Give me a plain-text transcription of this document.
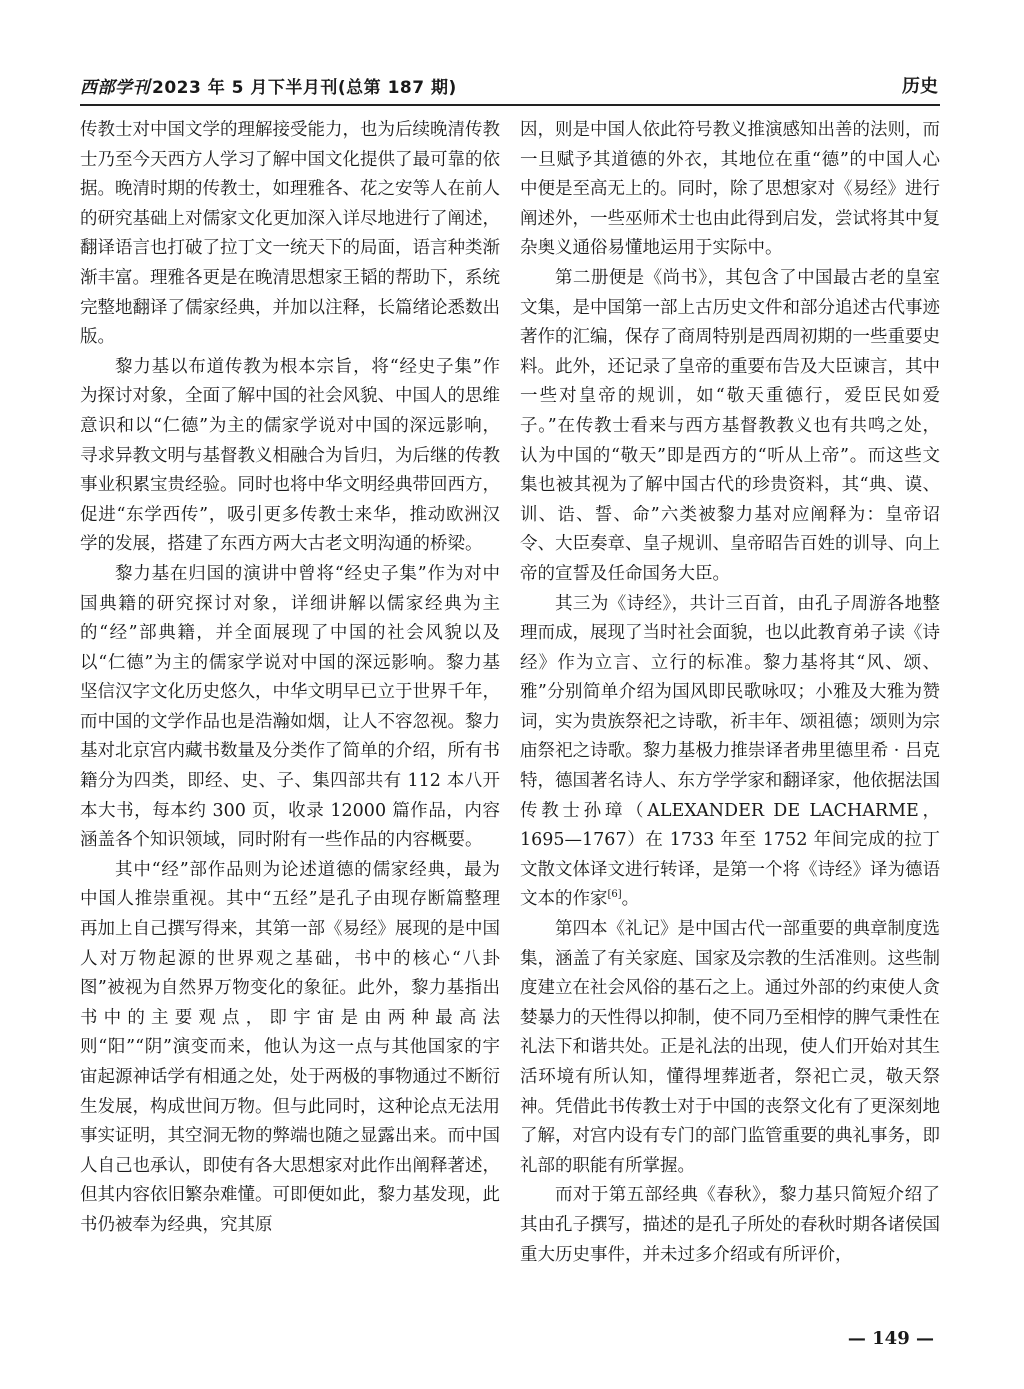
西部学刊 2023 年 5 月下半月刊(总第 187 期)	历史

传教士对中国文学的理解接受能力，也为后续晚清传教士乃至今天西方人学习了解中国文化提供了最可靠的依据。晚清时期的传教士，如理雅各、花之安等人在前人的研究基础上对儒家文化更加深入详尽地进行了阐述，翻译语言也打破了拉丁文一统天下的局面，语言种类渐渐丰富。理雅各更是在晚清思想家王韬的帮助下，系统完整地翻译了儒家经典，并加以注释，长篇绪论悉数出版。

黎力基以布道传教为根本宗旨，将“经史子集”作为探讨对象，全面了解中国的社会风貌、中国人的思维意识和以“仁德”为主的儒家学说对中国的深远影响，寻求异教文明与基督教义相融合为旨归，为后继的传教事业积累宝贵经验。同时也将中华文明经典带回西方，促进“东学西传”，吸引更多传教士来华，推动欧洲汉学的发展，搭建了东西方两大古老文明沟通的桥梁。

黎力基在归国的演讲中曾将“经史子集”作为对中国典籍的研究探讨对象，详细讲解以儒家经典为主的“经”部典籍，并全面展现了中国的社会风貌以及以“仁德”为主的儒家学说对中国的深远影响。黎力基坚信汉字文化历史悠久，中华文明早已立于世界千年，而中国的文学作品也是浩瀚如烟，让人不容忽视。黎力基对北京宫内藏书数量及分类作了简单的介绍，所有书籍分为四类，即经、史、子、集四部共有 112 本八开本大书，每本约 300 页，收录 12000 篇作品，内容涵盖各个知识领域，同时附有一些作品的内容概要。

其中“经”部作品则为论述道德的儒家经典，最为中国人推崇重视。其中“五经”是孔子由现存断篇整理再加上自己撰写得来，其第一部《易经》展现的是中国人对万物起源的世界观之基础，书中的核心“八卦图”被视为自然界万物变化的象征。此外，黎力基指出书中的主要观点，即宇宙是由两种最高法则“阳”“阴”演变而来，他认为这一点与其他国家的宇宙起源神话学有相通之处，处于两极的事物通过不断衍生发展，构成世间万物。但与此同时，这种论点无法用事实证明，其空洞无物的弊端也随之显露出来。而中国人自己也承认，即使有各大思想家对此作出阐释著述，但其内容依旧繁杂难懂。可即便如此，黎力基发现，此书仍被奉为经典，究其原

因，则是中国人依此符号教义推演感知出善的法则，而一旦赋予其道德的外衣，其地位在重“德”的中国人心中便是至高无上的。同时，除了思想家对《易经》进行阐述外，一些巫师术士也由此得到启发，尝试将其中复杂奥义通俗易懂地运用于实际中。

第二册便是《尚书》，其包含了中国最古老的皇室文集，是中国第一部上古历史文件和部分追述古代事迹著作的汇编，保存了商周特别是西周初期的一些重要史料。此外，还记录了皇帝的重要布告及大臣谏言，其中一些对皇帝的规训，如“敬天重德行，爱臣民如爱子。”在传教士看来与西方基督教教义也有共鸣之处，认为中国的“敬天”即是西方的“听从上帝”。而这些文集也被其视为了解中国古代的珍贵资料，其“典、谟、训、诰、誓、命”六类被黎力基对应阐释为：皇帝诏令、大臣奏章、皇子规训、皇帝昭告百姓的训导、向上帝的宣誓及任命国务大臣。

其三为《诗经》，共计三百首，由孔子周游各地整理而成，展现了当时社会面貌，也以此教育弟子读《诗经》作为立言、立行的标准。黎力基将其“风、颂、雅”分别简单介绍为国风即民歌咏叹；小雅及大雅为赞词，实为贵族祭祀之诗歌，祈丰年、颂祖德；颂则为宗庙祭祀之诗歌。黎力基极力推崇译者弗里德里希 · 吕克特，德国著名诗人、东方学学家和翻译家，他依据法国传教士孙璋（ALEXANDER DE LACHARME，1695—1767）在 1733 年至 1752 年间完成的拉丁文散文体译文进行转译，是第一个将《诗经》译为德语文本的作家[6]。

第四本《礼记》是中国古代一部重要的典章制度选集，涵盖了有关家庭、国家及宗教的生活准则。这些制度建立在社会风俗的基石之上。通过外部的约束使人贪婪暴力的天性得以抑制，使不同乃至相悖的脾气秉性在礼法下和谐共处。正是礼法的出现，使人们开始对其生活环境有所认知，懂得埋葬逝者，祭祀亡灵，敬天祭神。凭借此书传教士对于中国的丧祭文化有了更深刻地了解，对宫内设有专门的部门监管重要的典礼事务，即礼部的职能有所掌握。

而对于第五部经典《春秋》，黎力基只简短介绍了其由孔子撰写，描述的是孔子所处的春秋时期各诸侯国重大历史事件，并未过多介绍或有所评价，

— 149 —
